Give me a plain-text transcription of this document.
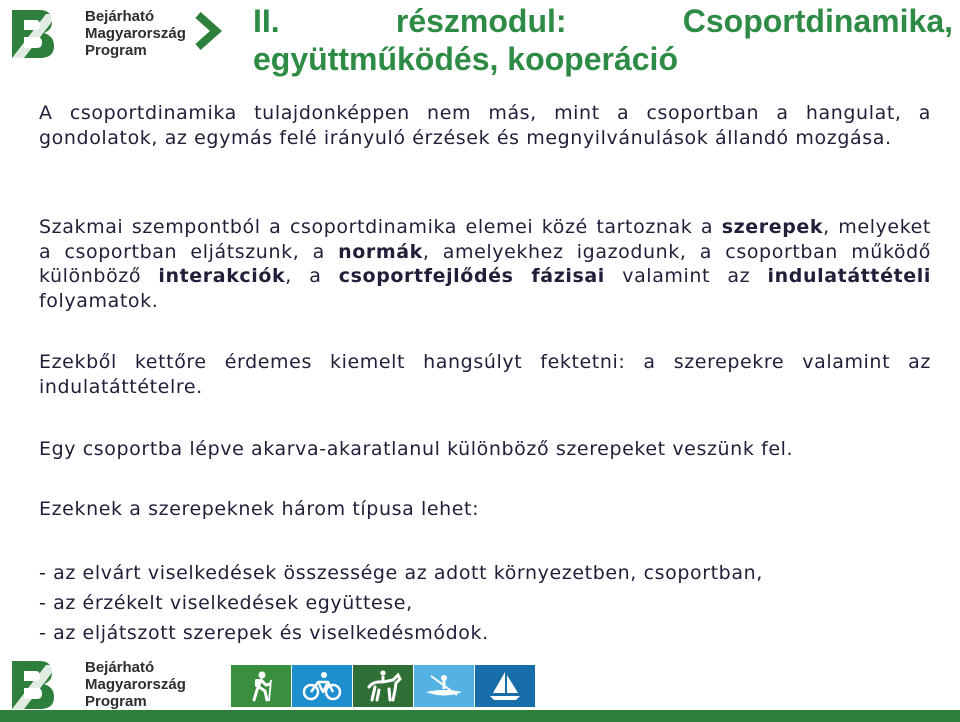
Bejárható
Magyarország
Program
II.	részmodul:	Csoportdinamika,
együttműködés, kooperáció

A csoportdinamika tulajdonképpen nem más, mint a csoportban a hangulat, a gondolatok, az egymás felé irányuló érzések és megnyilvánulások állandó mozgása.

Szakmai szempontból a csoportdinamika elemei közé tartoznak a szerepek, melyeket a csoportban eljátszunk, a normák, amelyekhez igazodunk, a csoportban működő különböző interakciók, a csoportfejlődés fázisai valamint az indulatáttételi folyamatok.

Ezekből kettőre érdemes kiemelt hangsúlyt fektetni: a szerepekre valamint az indulatáttételre.

Egy csoportba lépve akarva-akaratlanul különböző szerepeket veszünk fel.

Ezeknek a szerepeknek három típusa lehet:

- az elvárt viselkedések összessége az adott környezetben, csoportban,
- az érzékelt viselkedések együttese,
- az eljátszott szerepek és viselkedésmódok.
Bejárható
Magyarország
Program
